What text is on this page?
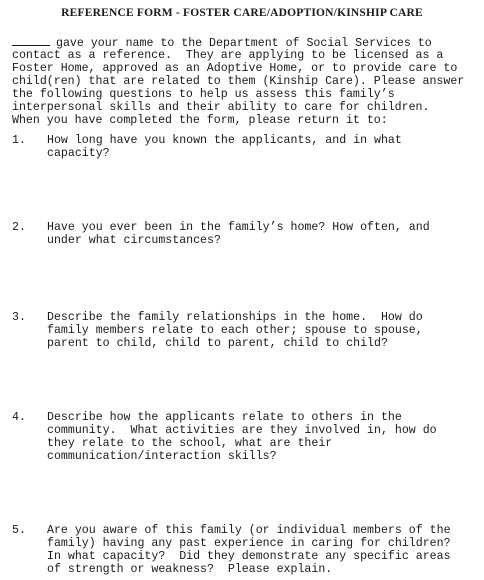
REFERENCE FORM - FOSTER CARE/ADOPTION/KINSHIP CARE
gave your name to the Department of Social Services to
contact as a reference.  They are applying to be licensed as a
Foster Home, approved as an Adoptive Home, or to provide care to
child(ren) that are related to them (Kinship Care). Please answer
the following questions to help us assess this family’s
interpersonal skills and their ability to care for children.
When you have completed the form, please return it to:
1. How long have you known the applicants, and in what
capacity?
2. Have you ever been in the family’s home? How often, and
under what circumstances?
3. Describe the family relationships in the home.  How do
family members relate to each other; spouse to spouse,
parent to child, child to parent, child to child?
4. Describe how the applicants relate to others in the
community.  What activities are they involved in, how do
they relate to the school, what are their
communication/interaction skills?
5. Are you aware of this family (or individual members of the
family) having any past experience in caring for children?
In what capacity?  Did they demonstrate any specific areas
of strength or weakness?  Please explain.
